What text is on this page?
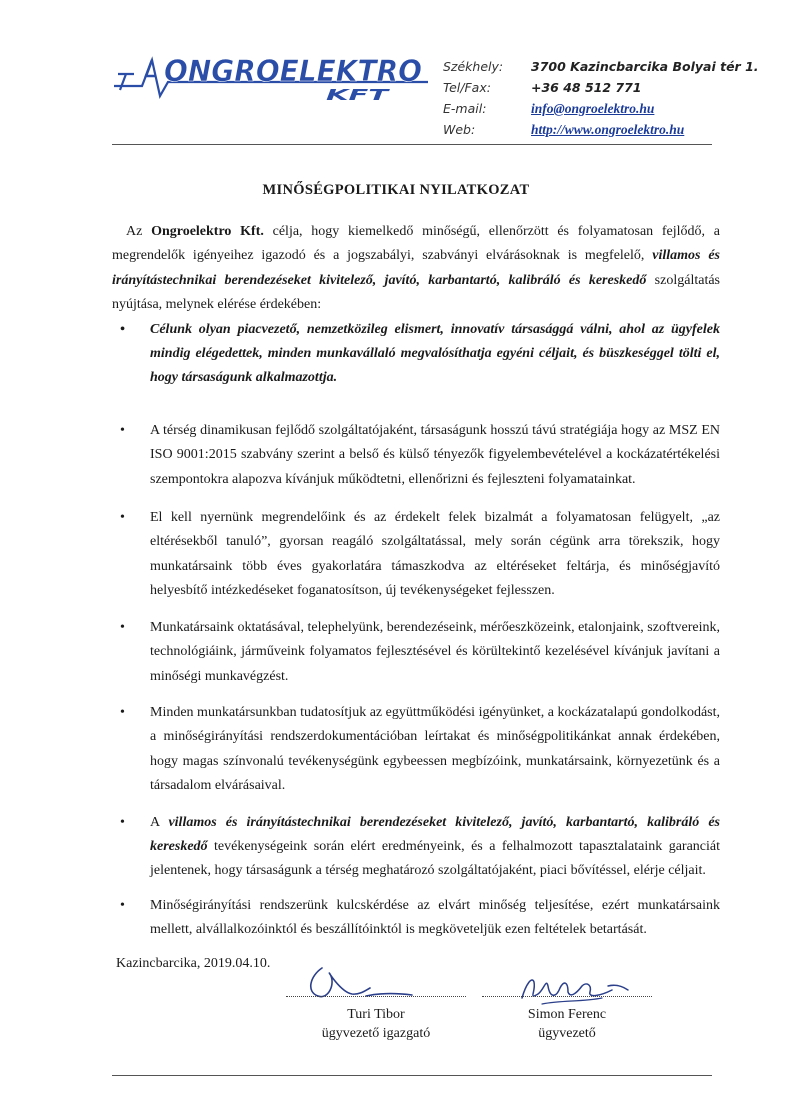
ONGROELEKTRO
KFT
Székhely: 3700 Kazincbarcika Bolyai tér 1.
Tel/Fax:	+36 48 512 771
E-mail:	info@ongroelektro.hu
Web:	http://www.ongroelektro.hu
MINŐSÉGPOLITIKAI NYILATKOZAT

Az Ongroelektro Kft. célja, hogy kiemelkedő minőségű, ellenőrzött és folyamatosan fejlődő, a megrendelők igényeihez igazodó és a jogszabályi, szabványi elvárásoknak is megfelelő, villamos és irányítástechnikai berendezéseket kivitelező, javító, karbantartó, kalibráló és kereskedő szolgáltatás nyújtása, melynek elérése érdekében:

• Célunk olyan piacvezető, nemzetközileg elismert, innovatív társasággá válni, ahol az ügyfelek mindig elégedettek, minden munkavállaló megvalósíthatja egyéni céljait, és büszkeséggel tölti el, hogy társaságunk alkalmazottja.
• A térség dinamikusan fejlődő szolgáltatójaként, társaságunk hosszú távú stratégiája hogy az MSZ EN ISO 9001:2015 szabvány szerint a belső és külső tényezők figyelembevételével a kockázatértékelési szempontokra alapozva kívánjuk működtetni, ellenőrizni és fejleszteni folyamatainkat.
• El kell nyernünk megrendelőink és az érdekelt felek bizalmát a folyamatosan felügyelt, „az eltérésekből tanuló”, gyorsan reagáló szolgáltatással, mely során cégünk arra törekszik, hogy munkatársaink több éves gyakorlatára támaszkodva az eltéréseket feltárja, és minőségjavító helyesbítő intézkedéseket foganatosítson, új tevékenységeket fejlesszen.
• Munkatársaink oktatásával, telephelyünk, berendezéseink, mérőeszközeink, etalonjaink, szoftvereink, technológiáink, járműveink folyamatos fejlesztésével és körültekintő kezelésével kívánjuk javítani a minőségi munkavégzést.
• Minden munkatársunkban tudatosítjuk az együttműködési igényünket, a kockázatalapú gondolkodást, a minőségirányítási rendszerdokumentációban leírtakat és minőségpolitikánkat annak érdekében, hogy magas színvonalú tevékenységünk egybeessen megbízóink, munkatársaink, környezetünk és a társadalom elvárásaival.
• A villamos és irányítástechnikai berendezéseket kivitelező, javító, karbantartó, kalibráló és kereskedő tevékenységeink során elért eredményeink, és a felhalmozott tapasztalataink garanciát jelentenek, hogy társaságunk a térség meghatározó szolgáltatójaként, piaci bővítéssel, elérje céljait.
• Minőségirányítási rendszerünk kulcskérdése az elvárt minőség teljesítése, ezért munkatársaink mellett, alvállalkozóinktól és beszállítóinktól is megköveteljük ezen feltételek betartását.
Kazincbarcika, 2019.04.10.
Turi Tibor
ügyvezető igazgató
Simon Ferenc
ügyvezető
